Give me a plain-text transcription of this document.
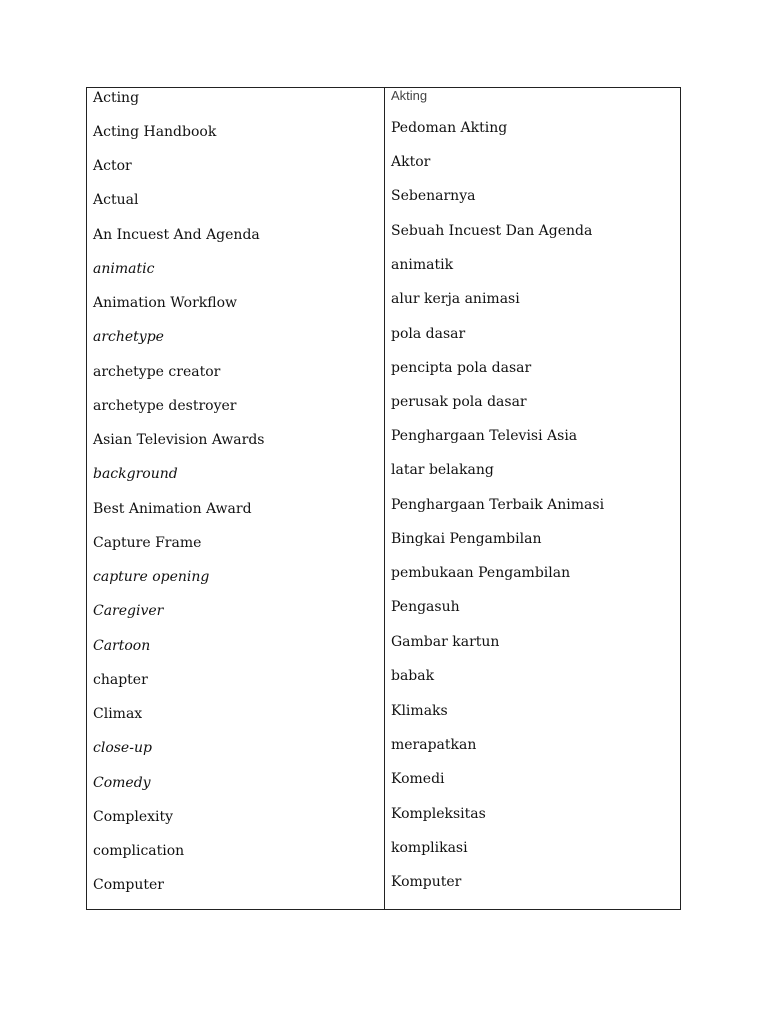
Acting
Acting Handbook
Actor
Actual
An Incuest And Agenda
animatic
Animation Workflow
archetype
archetype creator
archetype destroyer
Asian Television Awards
background
Best Animation Award
Capture Frame
capture opening
Caregiver
Cartoon
chapter
Climax
close-up
Comedy
Complexity
complication
Computer
Akting
Pedoman Akting
Aktor
Sebenarnya
Sebuah Incuest Dan Agenda
animatik
alur kerja animasi
pola dasar
pencipta pola dasar
perusak pola dasar
Penghargaan Televisi Asia
latar belakang
Penghargaan Terbaik Animasi
Bingkai Pengambilan
pembukaan Pengambilan
Pengasuh
Gambar kartun
babak
Klimaks
merapatkan
Komedi
Kompleksitas
komplikasi
Komputer
